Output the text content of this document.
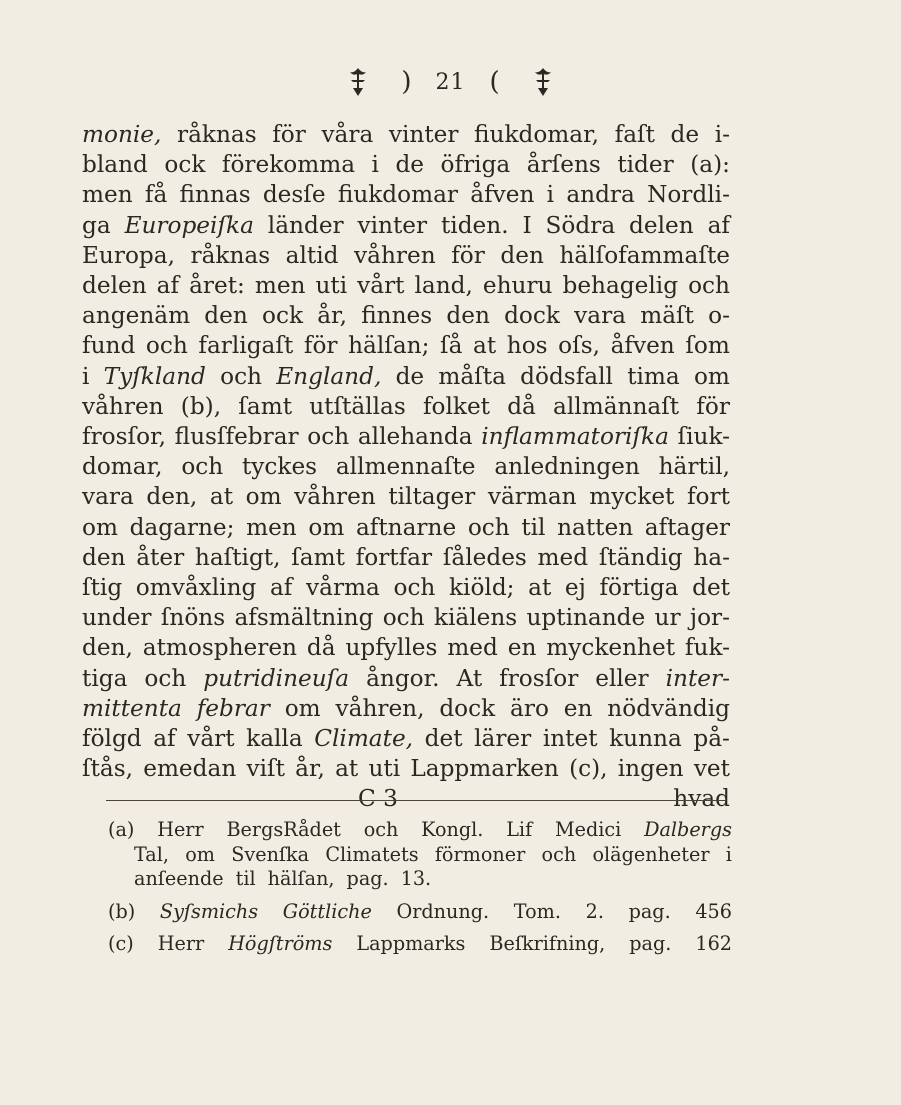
) 21 (
monie, råknas för våra vinter fiukdomar, faſt de i-
bland ock förekomma i de öfriga årſens tider (a):
men få finnas desſe fiukdomar åfven i andra Nordli-
ga Europeiſka länder vinter tiden. I Södra delen af
Europa, råknas altid våhren för den hälſofammaſte
delen af året: men uti vårt land, ehuru behagelig och
angenäm den ock år, finnes den dock vara mäſt o-
fund och farligaſt för hälſan; ſå at hos oſs, åfven ſom
i Tyſkland och England, de måſta dödsfall tima om
våhren (b), ſamt utſtällas folket då allmännaſt för
frosſor, flusſfebrar och allehanda inflammatoriſka ſiuk-
domar, och tyckes allmennaſte anledningen härtil,
vara den, at om våhren tiltager värman mycket fort
om dagarne; men om aftnarne och til natten aftager
den åter haſtigt, ſamt fortfar ſåledes med ſtändig ha-
ſtig omvåxling af vårma och kiöld; at ej förtiga det
under ſnöns afsmältning och kiälens uptinande ur jor-
den, atmospheren då upfylles med en myckenhet fuk-
tiga och putridineuſa ångor. At frosſor eller inter-
mittenta febrar om våhren, dock äro en nödvändig
fölgd af vårt kalla Climate, det lärer intet kunna på-
ſtås, emedan viſt år, at uti Lappmarken (c), ingen vet
C 3	hvad
(a) Herr BergsRådet och Kongl. Lif Medici Dalbergs
Tal, om Svenſka Climatets förmoner och olägenheter i
anſeende til hälſan, pag. 13.
(b) Syſsmichs Göttliche Ordnung. Tom. 2. pag. 456
(c) Herr Högſtröms Lappmarks Beſkrifning, pag. 162
